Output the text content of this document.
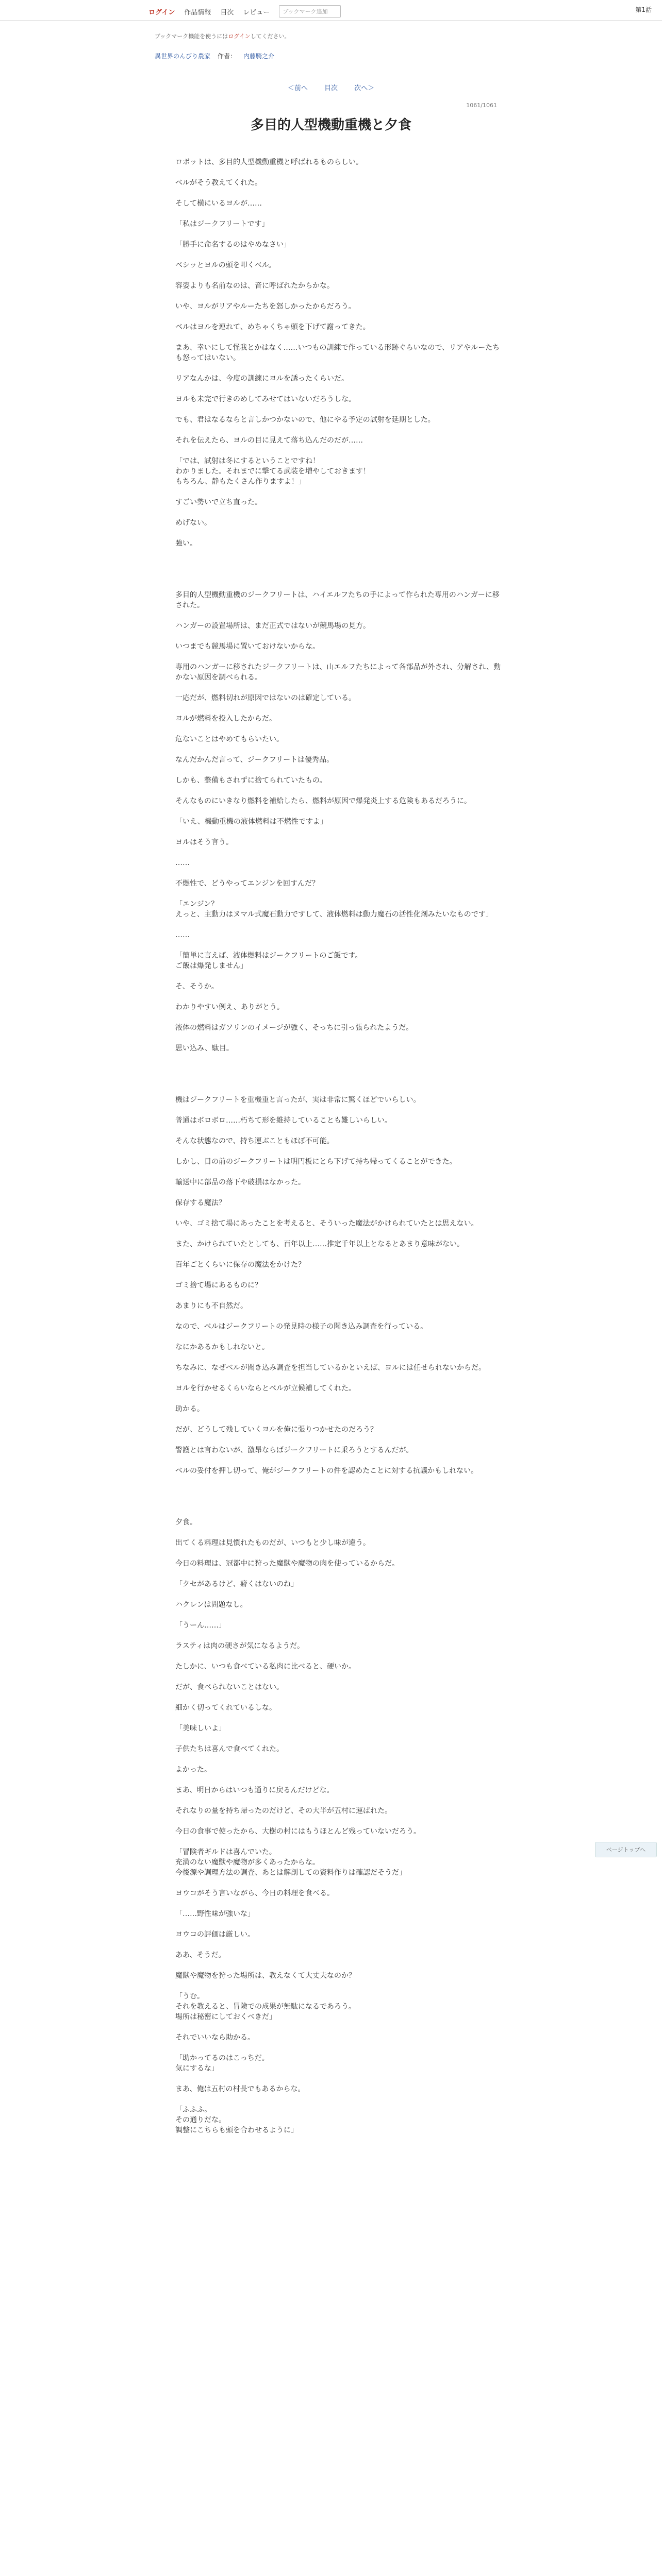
ログイン 作品情報 目次 レビュー	ブックマーク追加	第1話
ブックマーク機能を使うにはログインしてください。
異世界のんびり農家 作者： 内藤騎之介
＜前へ 目次 次へ＞
1061/1061
多目的人型機動重機と夕食

ロボットは、多目的人型機動重機と呼ばれるものらしい。

ベルがそう教えてくれた。

そして横にいるヨルが……

「私はジークフリートです」

「勝手に命名するのはやめなさい」

ベシッとヨルの頭を叩くベル。

容姿よりも名前なのは、音に呼ばれたからかな。

いや、ヨルがリアやルーたちを怒しかったからだろう。

ベルはヨルを連れて、めちゃくちゃ頭を下げて謝ってきた。

まあ、幸いにして怪我とかはなく……いつもの訓練で作っている形跡ぐらいなので、リアやルーたちも怒ってはいない。

リアなんかは、今度の訓練にヨルを誘ったくらいだ。

ヨルも未完で行きのめしてみせてはいないだろうしな。

でも、君はなるならと言しかつかないので、他にやる予定の試射を延期とした。

それを伝えたら、ヨルの目に見えて落ち込んだのだが……

「では、試射は冬にするということですね！
わかりました。それまでに撃てる武装を増やしておきます！
もちろん、静もたくさん作りますよ！」

すごい勢いで立ち直った。

めげない。

強い。

多目的人型機動重機のジークフリートは、ハイエルフたちの手によって作られた専用のハンガーに移された。

ハンガーの設置場所は、まだ正式ではないが競馬場の見方。

いつまでも競馬場に置いておけないからな。

専用のハンガーに移されたジークフリートは、山エルフたちによって各部品が外され、分解され、動かない原因を調べられる。

一応だが、燃料切れが原因ではないのは確定している。

ヨルが燃料を投入したからだ。

危ないことはやめてもらいたい。

なんだかんだ言って、ジークフリートは優秀品。

しかも、整備もされずに捨てられていたもの。

そんなものにいきなり燃料を補給したら、燃料が原因で爆発炎上する危険もあるだろうに。

「いえ、機動重機の液体燃料は不燃性ですよ」

ヨルはそう言う。

……

不燃性で、どうやってエンジンを回すんだ？

「エンジン？
えっと、主動力はヌマル式魔石動力ですして、液体燃料は動力魔石の活性化剤みたいなものです」

……

「簡単に言えば、液体燃料はジークフリートのご飯です。
ご飯は爆発しません」

そ、そうか。

わかりやすい例え、ありがとう。

液体の燃料はガソリンのイメージが強く、そっちに引っ張られたようだ。

思い込み、駄目。

機はジークフリートを重機重と言ったが、実は非常に驚くほどでいらしい。

普通はボロボロ……朽ちて形を維持していることも難しいらしい。

そんな状態なので、持ち運ぶこともほぼ不可能。

しかし、目の前のジークフリートは明円板にとら下げて持ち帰ってくることができた。

輸送中に部品の落下や破損はなかった。

保存する魔法？

いや、ゴミ捨て場にあったことを考えると、そういった魔法がかけられていたとは思えない。

また、かけられていたとしても、百年以上……推定千年以上となるとあまり意味がない。

百年ごとくらいに保存の魔法をかけた？

ゴミ捨て場にあるものに？

あまりにも不自然だ。

なので、ベルはジークフリートの発見時の様子の聞き込み調査を行っている。

なにかあるかもしれないと。

ちなみに、なぜベルが聞き込み調査を担当しているかといえば、ヨルには任せられないからだ。

ヨルを行かせるくらいならとベルが立候補してくれた。

助かる。

だが、どうして残していくヨルを俺に張りつかせたのだろう？

警護とは言わないが、激昂ならばジークフリートに乗ろうとするんだが。

ベルの妥付を押し切って、俺がジークフリートの件を認めたことに対する抗議かもしれない。

夕食。

出てくる料理は見慣れたものだが、いつもと少し味が違う。

今日の料理は、冠都中に狩った魔獣や魔物の肉を使っているからだ。

「クセがあるけど、癖くはないのね」

ハクレンは問題なし。

「うーん……」

ラスティは肉の硬さが気になるようだ。

たしかに、いつも食べている私肉に比べると、硬いか。

だが、食べられないことはない。

細かく切ってくれているしな。

「美味しいよ」

子供たちは喜んで食べてくれた。

よかった。

まあ、明日からはいつも通りに戻るんだけどな。

それなりの量を持ち帰ったのだけど、その大半が五村に運ばれた。

今日の食事で使ったから、大樹の村にはもうほとんど残っていないだろう。

「冒険者ギルドは喜んでいた。
充満のない魔獣や魔物が多くあったからな。
今後源や調理方法の調査、あとは解剖しての資料作りは確認だそうだ」

ヨウコがそう言いながら、今日の料理を食べる。

「……野性味が強いな」

ヨウコの評価は厳しい。

ああ、そうだ。

魔獣や魔物を狩った場所は、教えなくて大丈夫なのか？

「うむ。
それを教えると、冒険での成果が無駄になるであろう。
場所は秘密にしておくべきだ」

それでいいなら助かる。

「助かってるのはこっちだ。
気にするな」

まあ、俺は五村の村長でもあるからな。

「ふふふ。
その通りだな。
調整にこちらも頭を合わせるように」

ページトップへ
